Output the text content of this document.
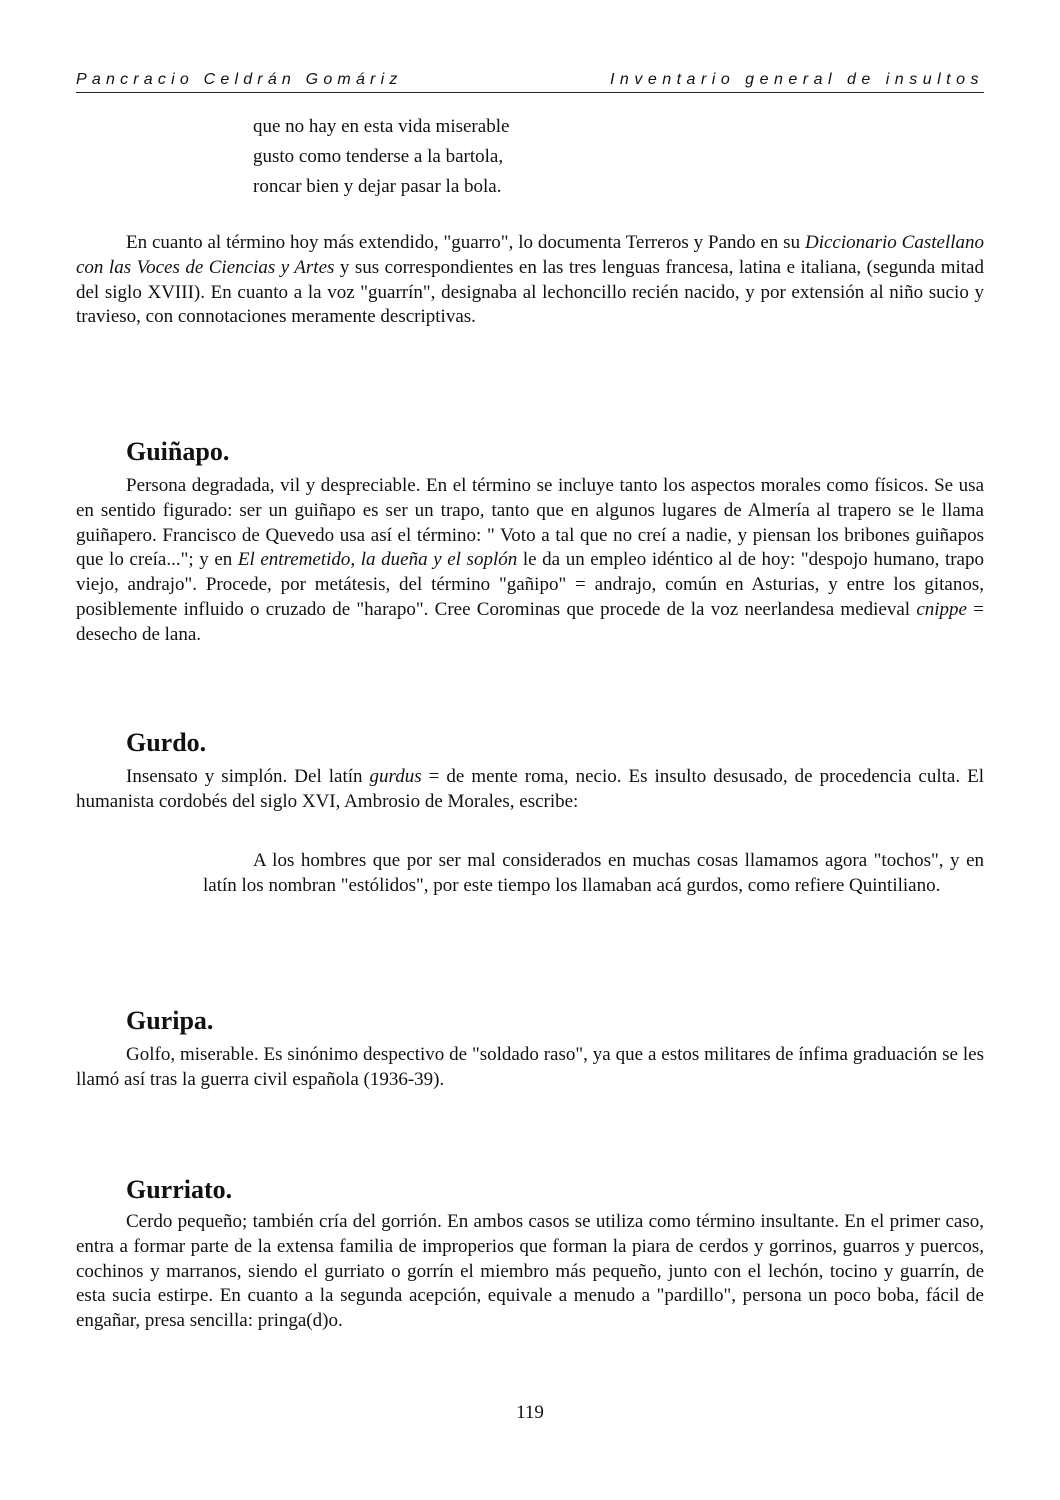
Pancracio Celdrán Gomáriz	Inventario general de insultos
que no hay en esta vida miserable
gusto como tenderse a la bartola,
roncar bien y dejar pasar la bola.

En cuanto al término hoy más extendido, "guarro", lo documenta Terreros y Pando en su Diccionario Castellano con las Voces de Ciencias y Artes y sus correspondientes en las tres lenguas francesa, latina e italiana, (segunda mitad del siglo XVIII). En cuanto a la voz "guarrín", designaba al lechoncillo recién nacido, y por extensión al niño sucio y travieso, con connotaciones meramente descriptivas.

Guiñapo.

Persona degradada, vil y despreciable. En el término se incluye tanto los aspectos morales como físicos. Se usa en sentido figurado: ser un guiñapo es ser un trapo, tanto que en algunos lugares de Almería al trapero se le llama guiñapero. Francisco de Quevedo usa así el término: " Voto a tal que no creí a nadie, y piensan los bribones guiñapos que lo creía..."; y en El entremetido, la dueña y el soplón le da un empleo idéntico al de hoy: "despojo humano, trapo viejo, andrajo". Procede, por metátesis, del término "gañipo" = andrajo, común en Asturias, y entre los gitanos, posiblemente influido o cruzado de "harapo". Cree Corominas que procede de la voz neerlandesa medieval cnippe = desecho de lana.

Gurdo.

Insensato y simplón. Del latín gurdus = de mente roma, necio. Es insulto desusado, de procedencia culta. El humanista cordobés del siglo XVI, Ambrosio de Morales, escribe:

A los hombres que por ser mal considerados en muchas cosas llamamos agora "tochos", y en latín los nombran "estólidos", por este tiempo los llamaban acá gurdos, como refiere Quintiliano.

Guripa.

Golfo, miserable. Es sinónimo despectivo de "soldado raso", ya que a estos militares de ínfima graduación se les llamó así tras la guerra civil española (1936-39).

Gurriato.

Cerdo pequeño; también cría del gorrión. En ambos casos se utiliza como término insultante. En el primer caso, entra a formar parte de la extensa familia de improperios que forman la piara de cerdos y gorrinos, guarros y puercos, cochinos y marranos, siendo el gurriato o gorrín el miembro más pequeño, junto con el lechón, tocino y guarrín, de esta sucia estirpe. En cuanto a la segunda acepción, equivale a menudo a "pardillo", persona un poco boba, fácil de engañar, presa sencilla: pringa(d)o.

119
